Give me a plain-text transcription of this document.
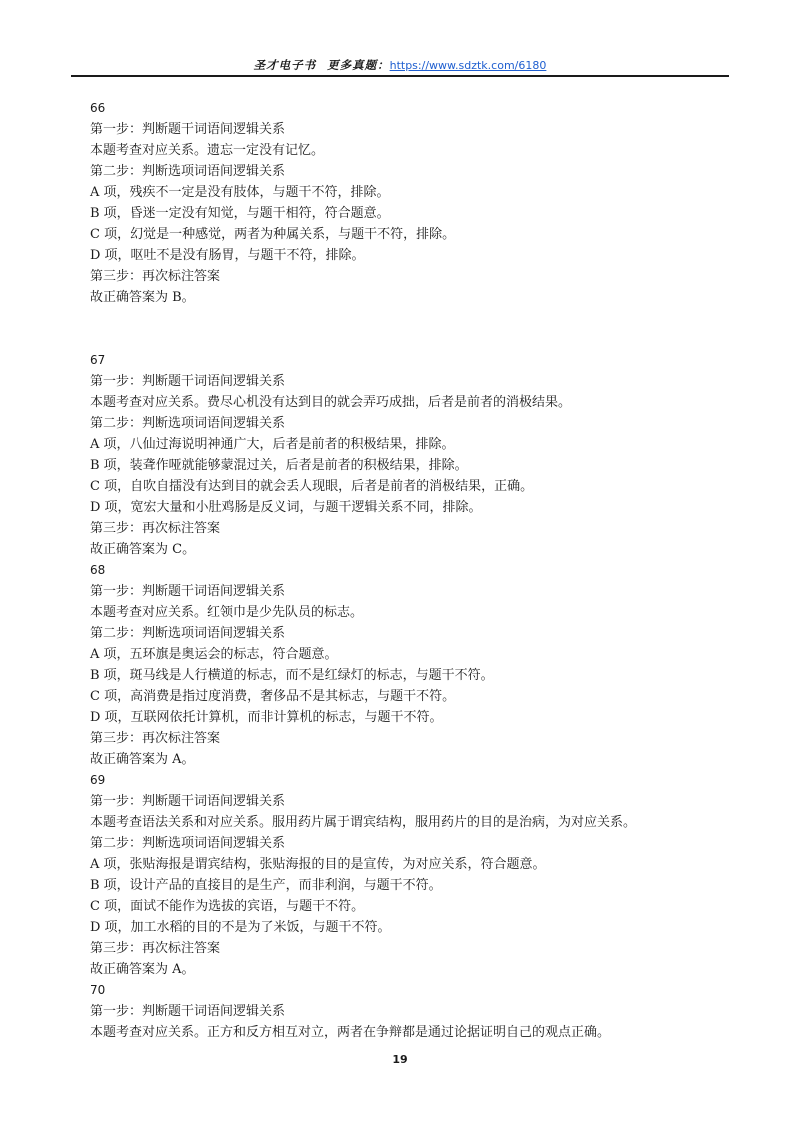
圣才电子书 更多真题：https://www.sdztk.com/6180
66
第一步：判断题干词语间逻辑关系
本题考查对应关系。遗忘一定没有记忆。
第二步：判断选项词语间逻辑关系
A 项，残疾不一定是没有肢体，与题干不符，排除。
B 项，昏迷一定没有知觉，与题干相符，符合题意。
C 项，幻觉是一种感觉，两者为种属关系，与题干不符，排除。
D 项，呕吐不是没有肠胃，与题干不符，排除。
第三步：再次标注答案
故正确答案为 B。
67
第一步：判断题干词语间逻辑关系
本题考查对应关系。费尽心机没有达到目的就会弄巧成拙，后者是前者的消极结果。
第二步：判断选项词语间逻辑关系
A 项，八仙过海说明神通广大，后者是前者的积极结果，排除。
B 项，装聋作哑就能够蒙混过关，后者是前者的积极结果，排除。
C 项，自吹自擂没有达到目的就会丢人现眼，后者是前者的消极结果，正确。
D 项，宽宏大量和小肚鸡肠是反义词，与题干逻辑关系不同，排除。
第三步：再次标注答案
故正确答案为 C。
68
第一步：判断题干词语间逻辑关系
本题考查对应关系。红领巾是少先队员的标志。
第二步：判断选项词语间逻辑关系
A 项，五环旗是奥运会的标志，符合题意。
B 项，斑马线是人行横道的标志，而不是红绿灯的标志，与题干不符。
C 项，高消费是指过度消费，奢侈品不是其标志，与题干不符。
D 项，互联网依托计算机，而非计算机的标志，与题干不符。
第三步：再次标注答案
故正确答案为 A。
69
第一步：判断题干词语间逻辑关系
本题考查语法关系和对应关系。服用药片属于谓宾结构，服用药片的目的是治病，为对应关系。
第二步：判断选项词语间逻辑关系
A 项，张贴海报是谓宾结构，张贴海报的目的是宣传，为对应关系，符合题意。
B 项，设计产品的直接目的是生产，而非利润，与题干不符。
C 项，面试不能作为选拔的宾语，与题干不符。
D 项，加工水稻的目的不是为了米饭，与题干不符。
第三步：再次标注答案
故正确答案为 A。
70
第一步：判断题干词语间逻辑关系
本题考查对应关系。正方和反方相互对立，两者在争辩都是通过论据证明自己的观点正确。
19
